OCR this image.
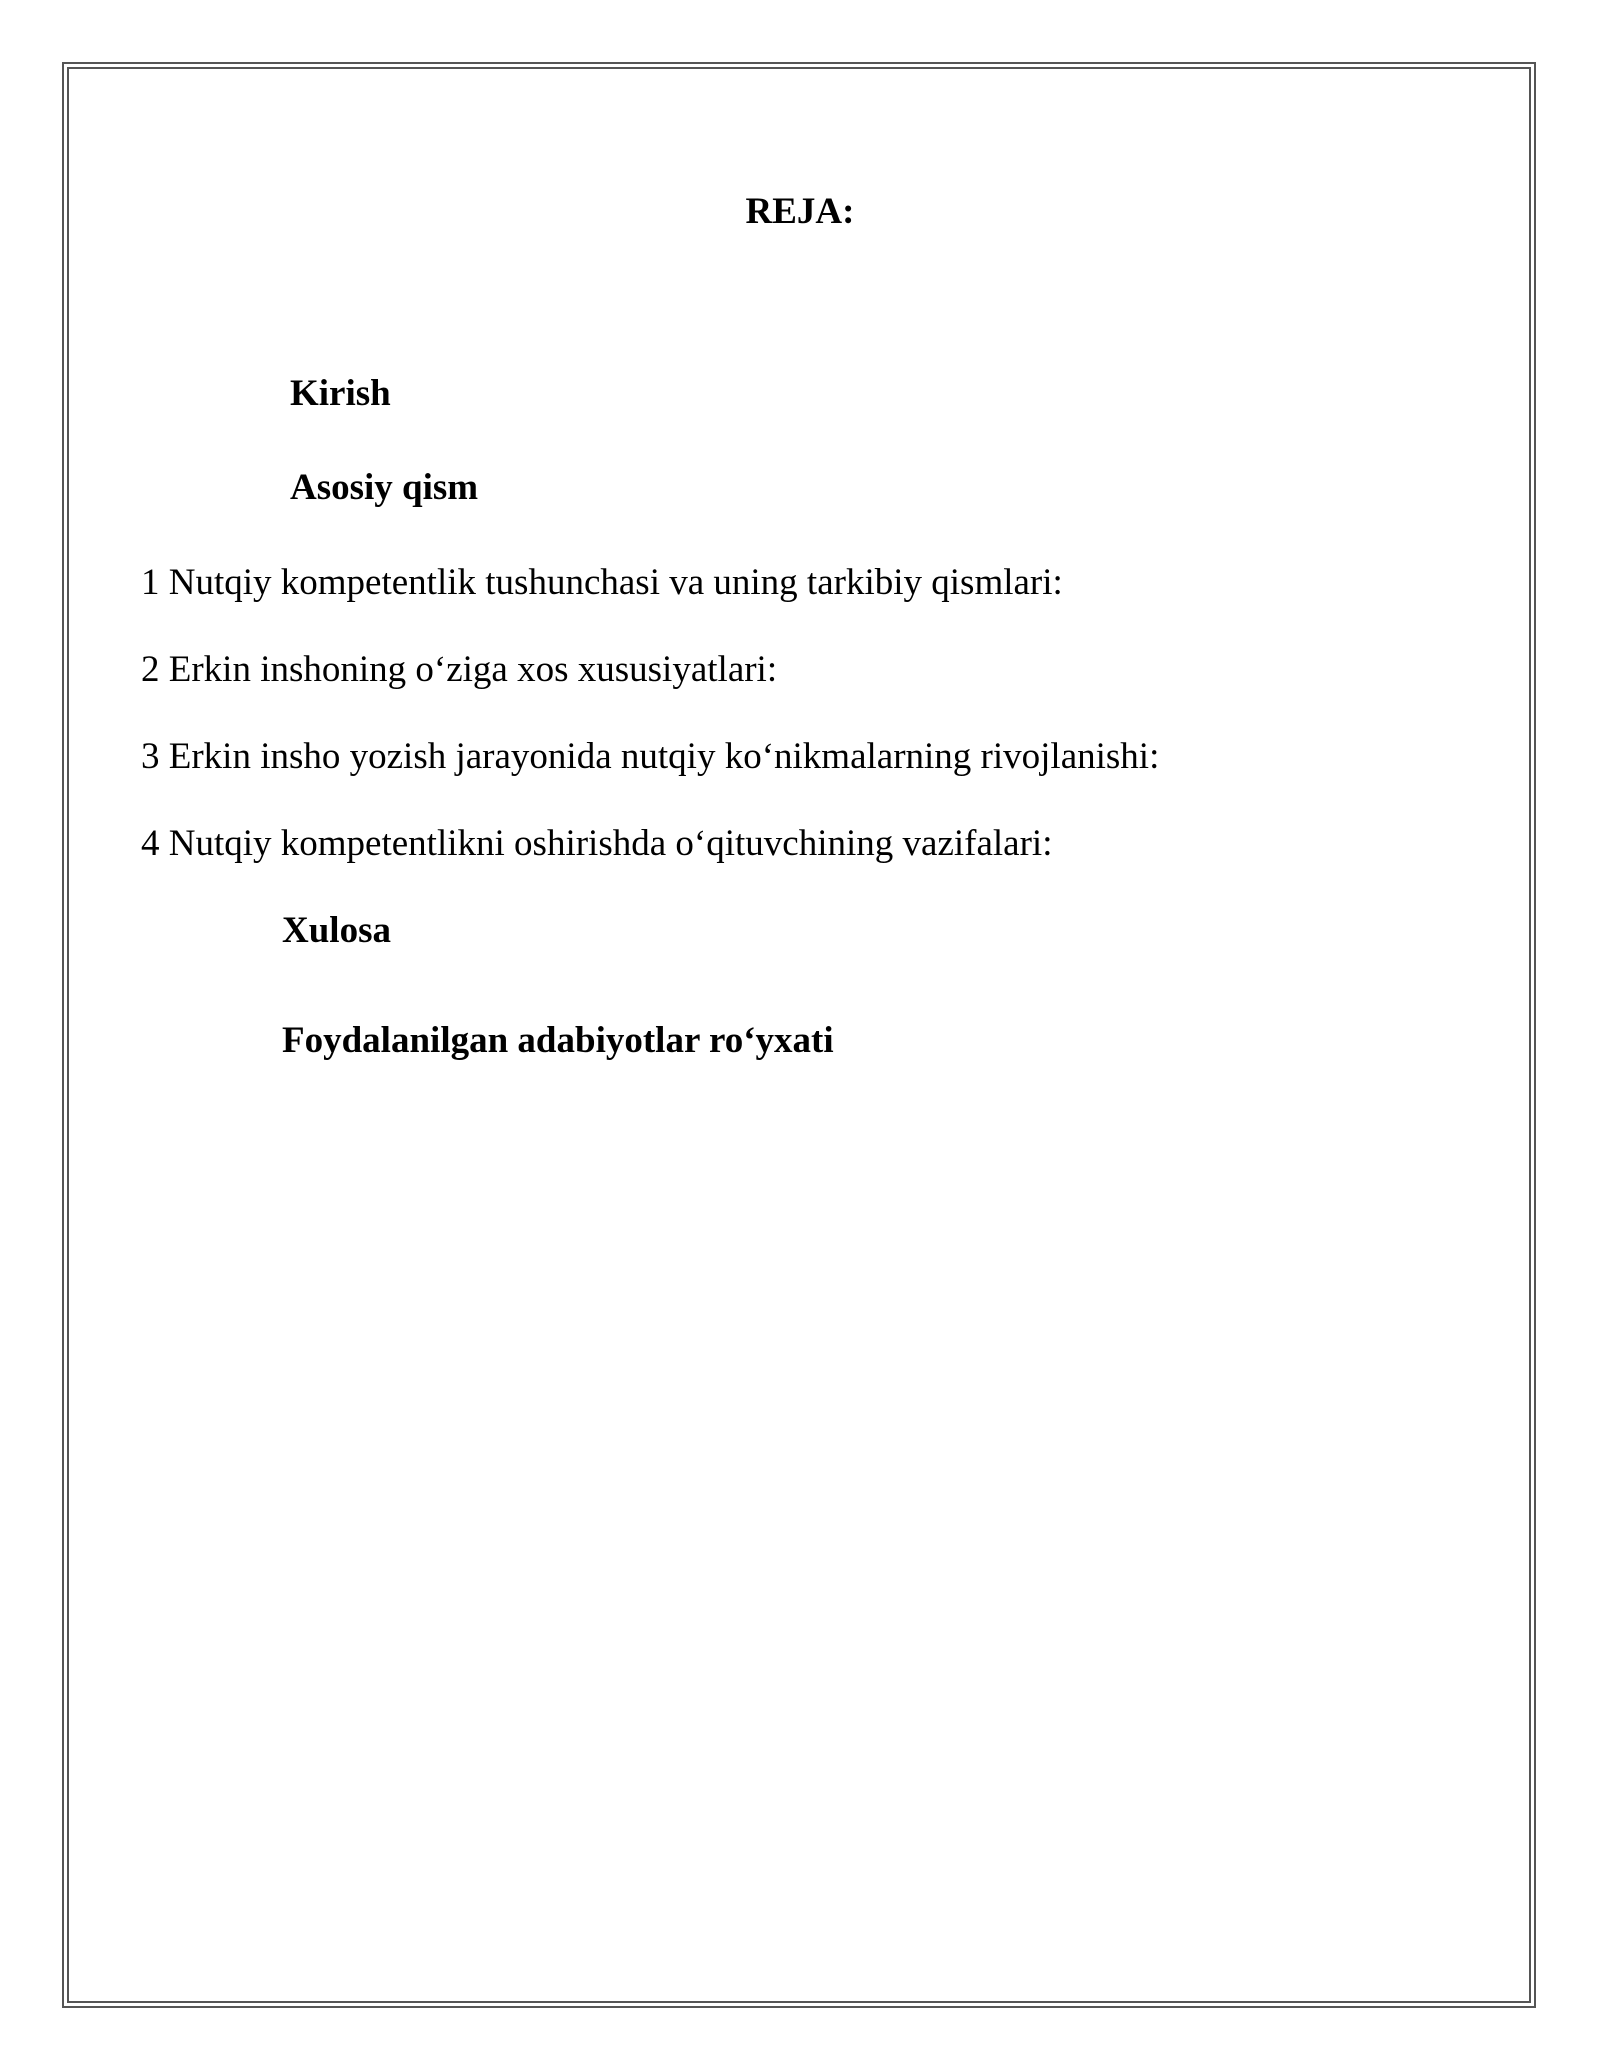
REJA:
Kirish
Asosiy qism
1 Nutqiy kompetentlik tushunchasi va uning tarkibiy qismlari:
2 Erkin inshoning o‘ziga xos xususiyatlari:
3 Erkin insho yozish jarayonida nutqiy ko‘nikmalarning rivojlanishi:
4 Nutqiy kompetentlikni oshirishda o‘qituvchining vazifalari:
Xulosa
Foydalanilgan adabiyotlar ro‘yxati
